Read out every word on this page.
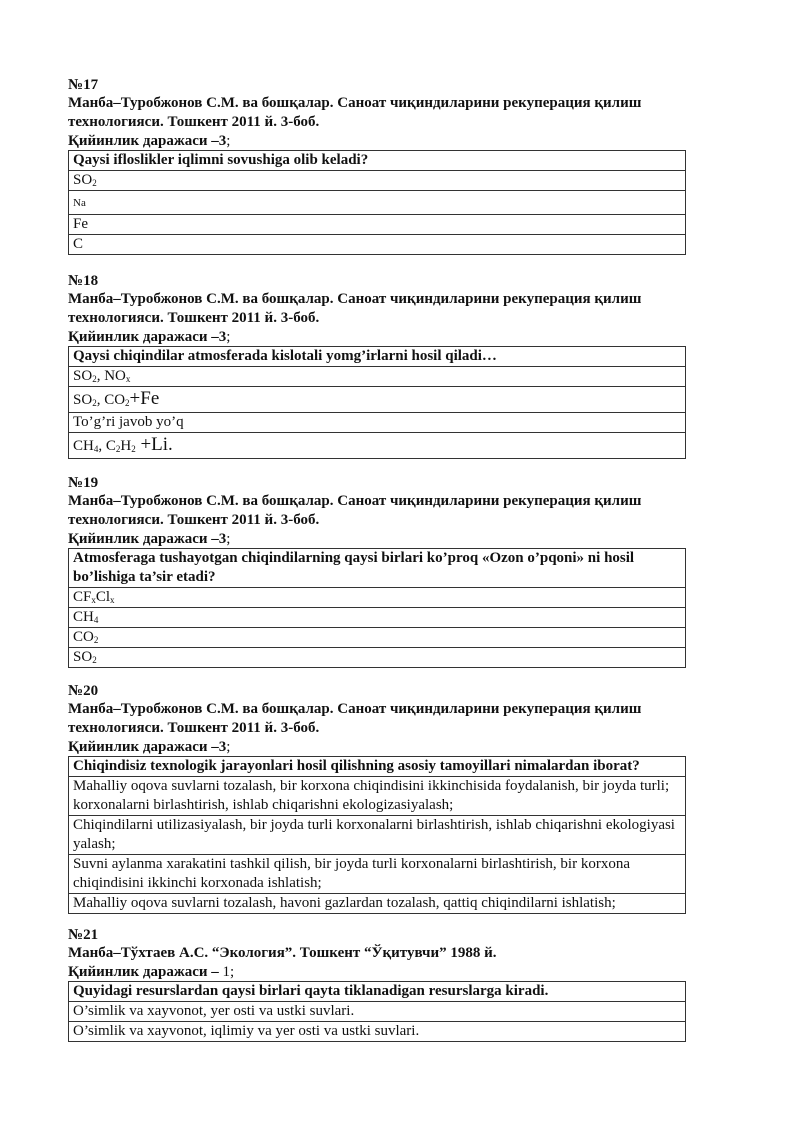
№17
Манба–Туробжонов С.М. ва бошқалар. Саноат чиқиндиларини рекуперация қилиш технологияси. Тошкент 2011 й. 3-боб.
Қийинлик даражаси –3;
Qaysi ifloslikler iqlimni sovushiga olib keladi?
$SO_2$
Na
Fe
C
№18
Манба–Туробжонов С.М. ва бошқалар. Саноат чиқиндиларини рекуперация қилиш технологияси. Тошкент 2011 й. 3-боб.
Қийинлик даражаси –3;
Qaysi chiqindilar atmosferada kislotali yomg’irlarni hosil qiladi…
$SO_2$, $NO_x$
$SO_2$, $CO_2+Fe$
To’g’ri javob yo’q
$CH_4$, $C_2H_2 +Li$.
№19
Манба–Туробжонов С.М. ва бошқалар. Саноат чиқиндиларини рекуперация қилиш технологияси. Тошкент 2011 й. 3-боб.
Қийинлик даражаси –3;
Atmosferaga tushayotgan chiqindilarning qaysi birlari ko’proq «Ozon o’pqoni» ni hosil bo’lishiga ta’sir etadi?
$CF_xCl_x$
$CH_4$
$CO_2$
$SO_2$
№20
Манба–Туробжонов С.М. ва бошқалар. Саноат чиқиндиларини рекуперация қилиш технологияси. Тошкент 2011 й. 3-боб.
Қийинлик даражаси –3;
Chiqindisiz texnologik jarayonlari hosil qilishning asosiy tamoyillari nimalardan iborat?
Mahalliy oqova suvlarni tozalash, bir korxona chiqindisini ikkinchisida foydalanish, bir joyda turli; korxonalarni birlashtirish, ishlab chiqarishni ekologizasiyalash;
Chiqindilarni utilizasiyalash, bir joyda turli korxonalarni birlashtirish, ishlab chiqarishni ekologiyasi yalash;
Suvni aylanma xarakatini tashkil qilish, bir joyda turli korxonalarni birlashtirish, bir korxona chiqindisini ikkinchi korxonada ishlatish;
Mahalliy oqova suvlarni tozalash, havoni gazlardan tozalash, qattiq chiqindilarni ishlatish;
№21
Манба–Тўхтаев А.С. “Экология”. Тошкент “Ўқитувчи” 1988 й.
Қийинлик даражаси – 1;
Quyidagi resurslardan qaysi birlari qayta tiklanadigan resurslarga kiradi.
O’simlik va xayvonot, yer osti va ustki suvlari.
O’simlik va xayvonot, iqlimiy va yer osti va ustki suvlari.
